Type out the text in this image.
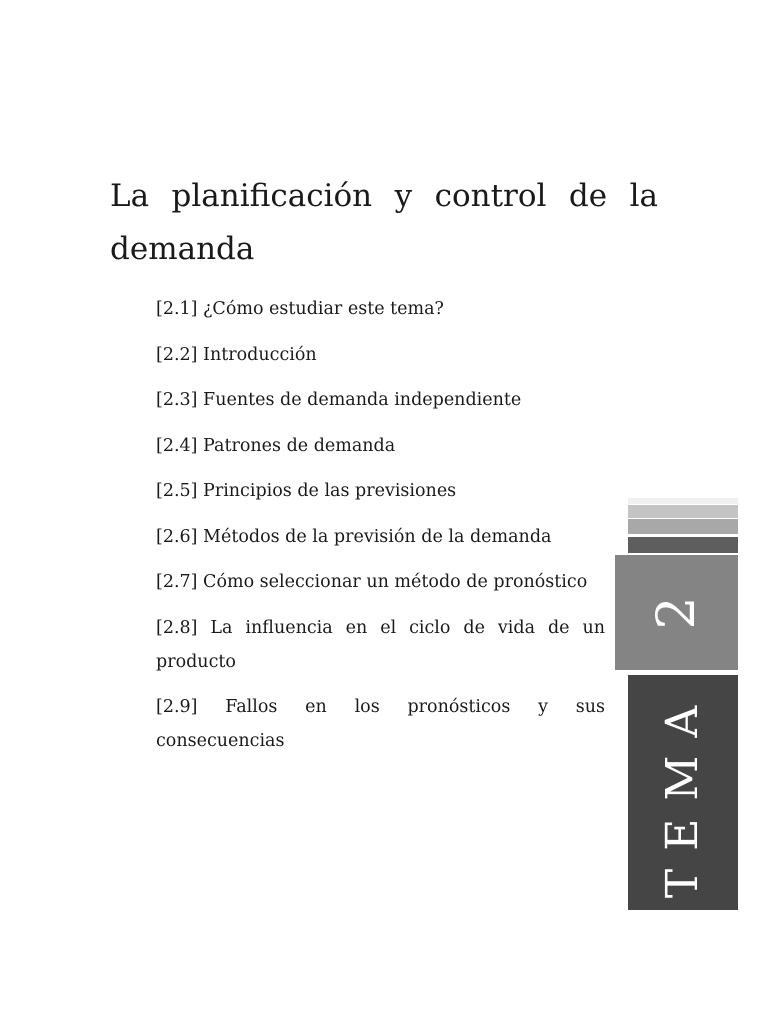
La planificación y control de la demanda
[2.1] ¿Cómo estudiar este tema?
[2.2] Introducción
[2.3] Fuentes de demanda independiente
[2.4] Patrones de demanda
[2.5] Principios de las previsiones
[2.6] Métodos de la previsión de la demanda
[2.7] Cómo seleccionar un método de pronóstico
[2.8] La influencia en el ciclo de vida de un producto
[2.9] Fallos en los pronósticos y sus consecuencias
2
TEMA
